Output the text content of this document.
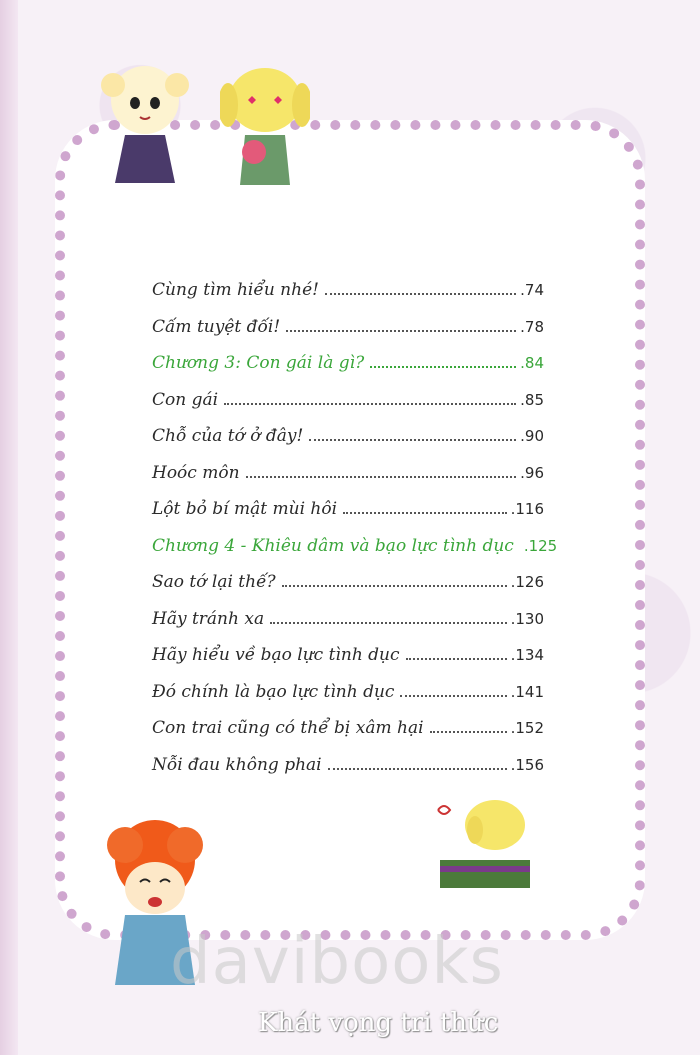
Cùng tìm hiểu nhé!	.74
Cấm tuyệt đối!	.78
Chương 3: Con gái là gì?	.84
Con gái	.85
Chỗ của tớ ở đây!	.90
Hoóc môn	.96
Lột bỏ bí mật mùi hôi	.116
Chương 4 - Khiêu dâm và bạo lực tình dục .125
Sao tớ lại thế?	.126
Hãy tránh xa	.130
Hãy hiểu về bạo lực tình dục	.134
Đó chính là bạo lực tình dục	.141
Con trai cũng có thể bị xâm hại	.152
Nỗi đau không phai	.156
davibooks
Khát vọng tri thức
